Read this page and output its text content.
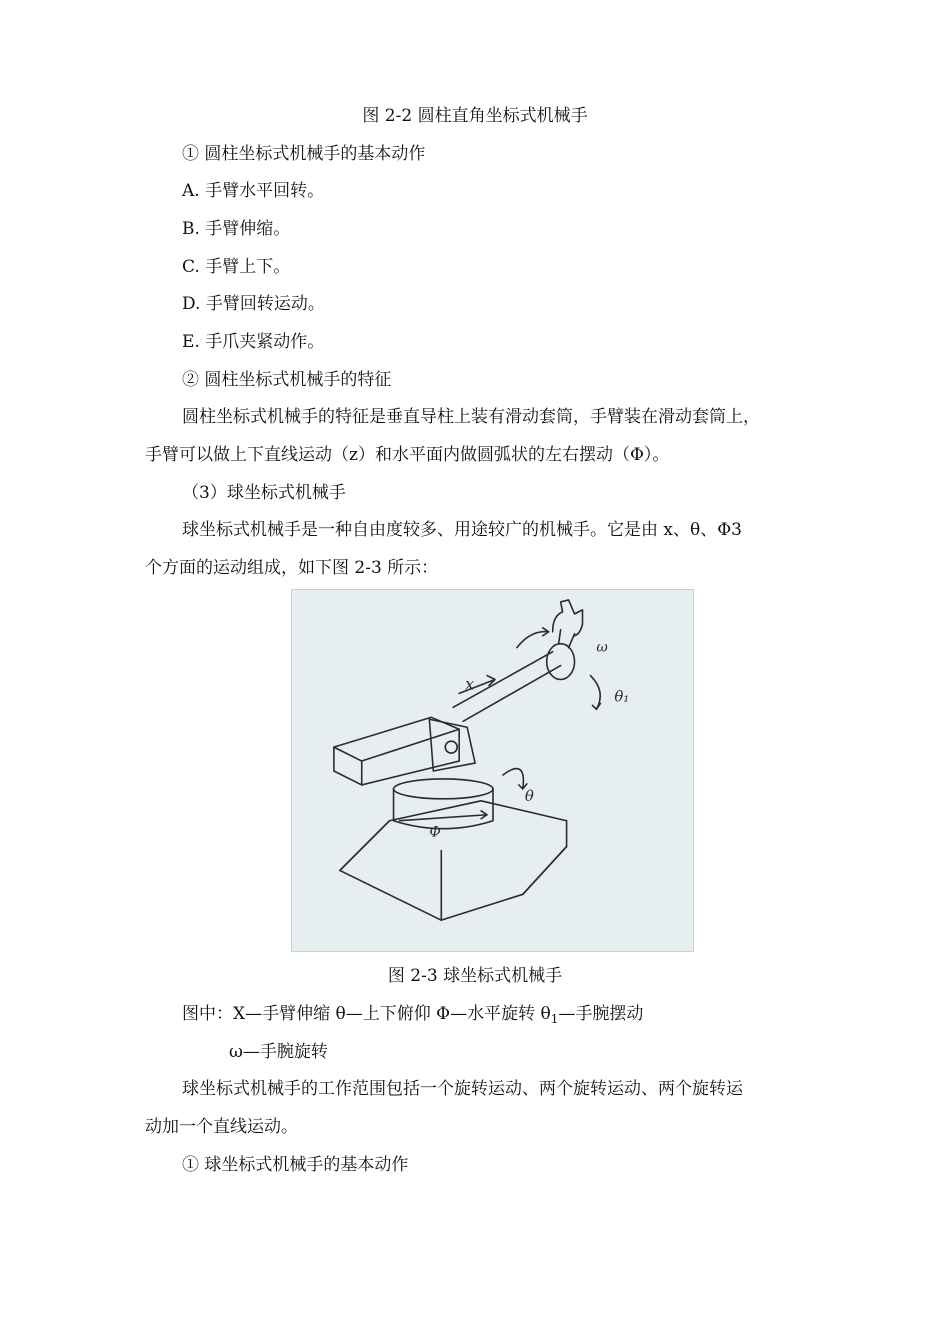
图 2-2 圆柱直角坐标式机械手

① 圆柱坐标式机械手的基本动作

A. 手臂水平回转。

B. 手臂伸缩。

C. 手臂上下。

D. 手臂回转运动。

E. 手爪夹紧动作。

② 圆柱坐标式机械手的特征

圆柱坐标式机械手的特征是垂直导柱上装有滑动套筒，手臂装在滑动套筒上，

手臂可以做上下直线运动（z）和水平面内做圆弧状的左右摆动（Φ）。

（3）球坐标式机械手

球坐标式机械手是一种自由度较多、用途较广的机械手。它是由 x、θ、Φ3

个方面的运动组成，如下图 2-3 所示：

x
ω
θ₁
θ
Φ

图 2-3 球坐标式机械手

图中：X—手臂伸缩 θ—上下俯仰 Φ—水平旋转 $\theta_1—$手腕摆动

ω—手腕旋转

球坐标式机械手的工作范围包括一个旋转运动、两个旋转运动、两个旋转运

动加一个直线运动。

① 球坐标式机械手的基本动作
